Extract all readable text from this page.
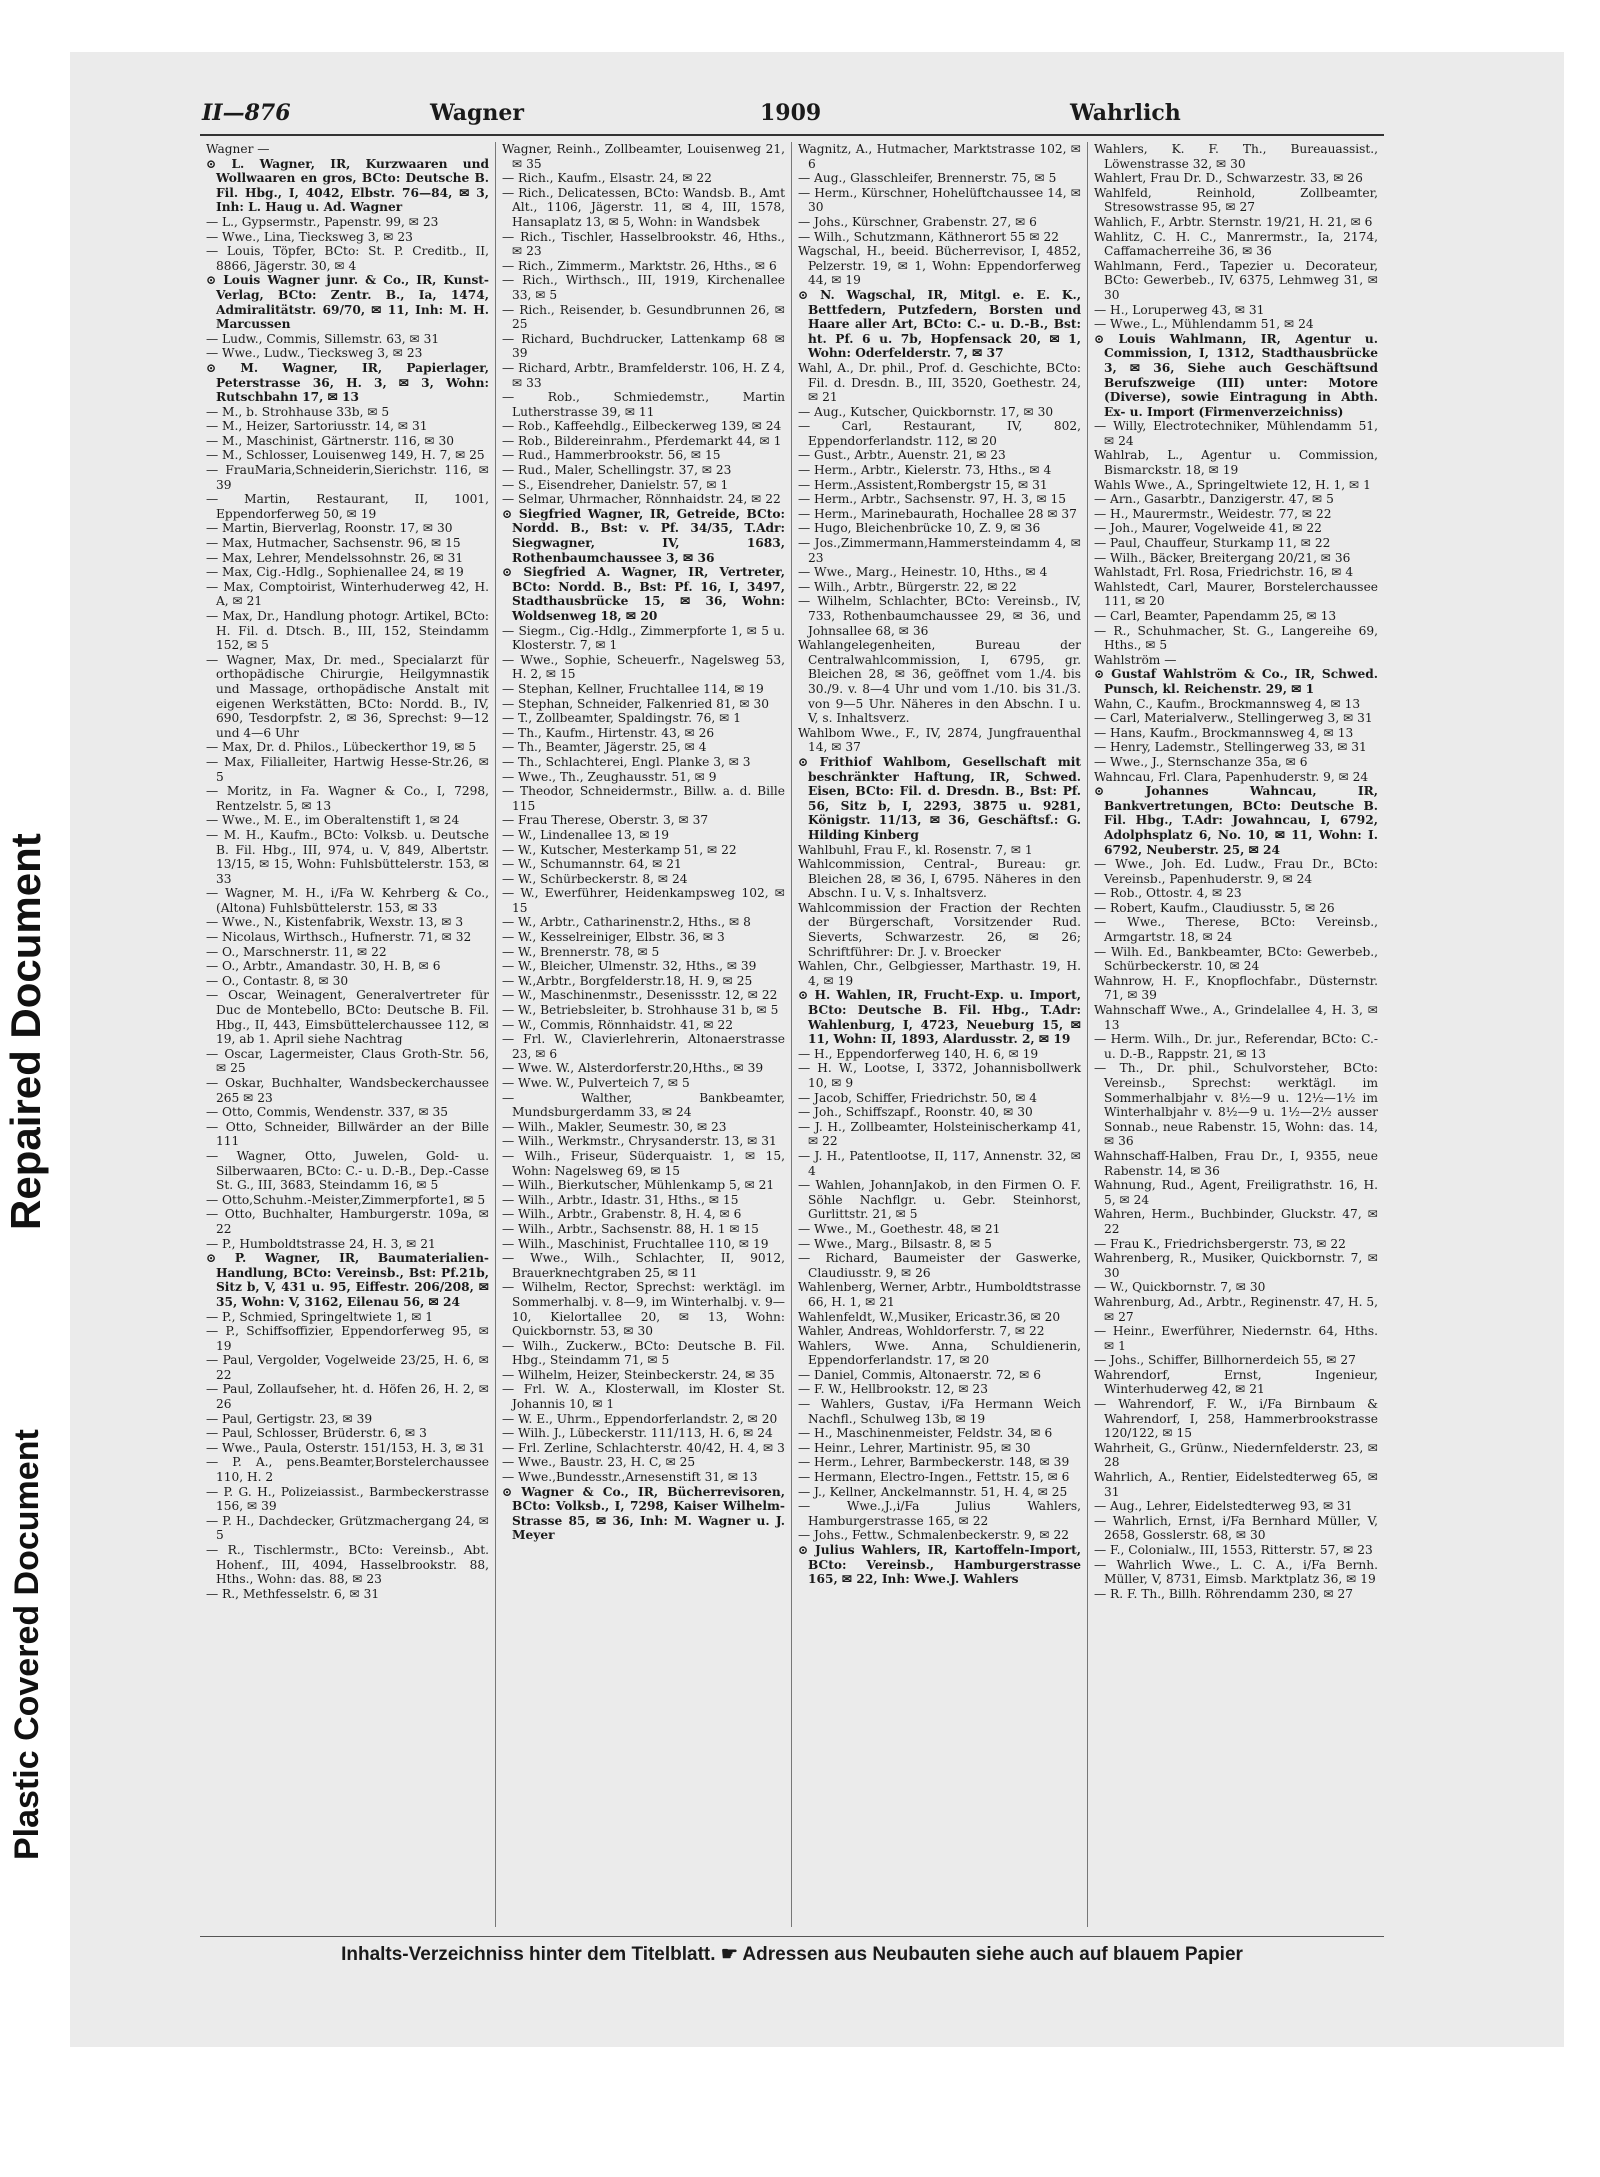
Repaired Document
Plastic Covered Document
II—876	Wagner	1909	Wahrlich

Wagner —

⊙ L. Wagner, IR, Kurzwaaren und Wollwaaren en gros, BCto: Deutsche B. Fil. Hbg., I, 4042, Elbstr. 76—84, ✉ 3, Inh: L. Haug u. Ad. Wagner

— L., Gypsermstr., Papenstr. 99, ✉ 23

— Wwe., Lina, Tiecksweg 3, ✉ 23

— Louis, Töpfer, BCto: St. P. Creditb., II, 8866, Jägerstr. 30, ✉ 4

⊙ Louis Wagner junr. & Co., IR, Kunst-Verlag, BCto: Zentr. B., Ia, 1474, Admiralitätstr. 69/70, ✉ 11, Inh: M. H. Marcussen

— Ludw., Commis, Sillemstr. 63, ✉ 31

— Wwe., Ludw., Tiecksweg 3, ✉ 23

⊙ M. Wagner, IR, Papierlager, Peterstrasse 36, H. 3, ✉ 3, Wohn: Rutschbahn 17, ✉ 13

— M., b. Strohhause 33b, ✉ 5

— M., Heizer, Sartoriusstr. 14, ✉ 31

— M., Maschinist, Gärtnerstr. 116, ✉ 30

— M., Schlosser, Louisenweg 149, H. 7, ✉ 25

— FrauMaria,Schneiderin,Sierichstr. 116, ✉ 39

— Martin, Restaurant, II, 1001, Eppendorferweg 50, ✉ 19

— Martin, Bierverlag, Roonstr. 17, ✉ 30

— Max, Hutmacher, Sachsenstr. 96, ✉ 15

— Max, Lehrer, Mendelssohnstr. 26, ✉ 31

— Max, Cig.-Hdlg., Sophienallee 24, ✉ 19

— Max, Comptoirist, Winterhuderweg 42, H. A, ✉ 21

— Max, Dr., Handlung photogr. Artikel, BCto: H. Fil. d. Dtsch. B., III, 152, Steindamm 152, ✉ 5

— Wagner, Max, Dr. med., Specialarzt für orthopädische Chirurgie, Heilgymnastik und Massage, orthopädische Anstalt mit eigenen Werkstätten, BCto: Nordd. B., IV, 690, Tesdorpfstr. 2, ✉ 36, Sprechst: 9—12 und 4—6 Uhr

— Max, Dr. d. Philos., Lübeckerthor 19, ✉ 5

— Max, Filialleiter, Hartwig Hesse-Str.26, ✉ 5

— Moritz, in Fa. Wagner & Co., I, 7298, Rentzelstr. 5, ✉ 13

— Wwe., M. E., im Oberaltenstift 1, ✉ 24

— M. H., Kaufm., BCto: Volksb. u. Deutsche B. Fil. Hbg., III, 974, u. V, 849, Albertstr. 13/15, ✉ 15, Wohn: Fuhlsbüttelerstr. 153, ✉ 33

— Wagner, M. H., i/Fa W. Kehrberg & Co., (Altona) Fuhlsbüttelerstr. 153, ✉ 33

— Wwe., N., Kistenfabrik, Wexstr. 13, ✉ 3

— Nicolaus, Wirthsch., Hufnerstr. 71, ✉ 32

— O., Marschnerstr. 11, ✉ 22

— O., Arbtr., Amandastr. 30, H. B, ✉ 6

— O., Contastr. 8, ✉ 30

— Oscar, Weinagent, Generalvertreter für Duc de Montebello, BCto: Deutsche B. Fil. Hbg., II, 443, Eimsbüttelerchaussee 112, ✉ 19, ab 1. April siehe Nachtrag

— Oscar, Lagermeister, Claus Groth-Str. 56, ✉ 25

— Oskar, Buchhalter, Wandsbeckerchaussee 265 ✉ 23

— Otto, Commis, Wendenstr. 337, ✉ 35

— Otto, Schneider, Billwärder an der Bille 111

— Wagner, Otto, Juwelen, Gold- u. Silberwaaren, BCto: C.- u. D.-B., Dep.-Casse St. G., III, 3683, Steindamm 16, ✉ 5

— Otto,Schuhm.-Meister,Zimmerpforte1, ✉ 5

— Otto, Buchhalter, Hamburgerstr. 109a, ✉ 22

— P., Humboldtstrasse 24, H. 3, ✉ 21

⊙ P. Wagner, IR, Baumaterialien-Handlung, BCto: Vereinsb., Bst: Pf.21b, Sitz b, V, 431 u. 95, Eiffestr. 206/208, ✉ 35, Wohn: V, 3162, Eilenau 56, ✉ 24

— P., Schmied, Springeltwiete 1, ✉ 1

— P., Schiffsoffizier, Eppendorferweg 95, ✉ 19

— Paul, Vergolder, Vogelweide 23/25, H. 6, ✉ 22

— Paul, Zollaufseher, ht. d. Höfen 26, H. 2, ✉ 26

— Paul, Gertigstr. 23, ✉ 39

— Paul, Schlosser, Brüderstr. 6, ✉ 3

— Wwe., Paula, Osterstr. 151/153, H. 3, ✉ 31

— P. A., pens.Beamter,Borstelerchaussee 110, H. 2

— P. G. H., Polizeiassist., Barmbeckerstrasse 156, ✉ 39

— P. H., Dachdecker, Grützmachergang 24, ✉ 5

— R., Tischlermstr., BCto: Vereinsb., Abt. Hohenf., III, 4094, Hasselbrookstr. 88, Hths., Wohn: das. 88, ✉ 23

— R., Methfesselstr. 6, ✉ 31

Wagner, Reinh., Zollbeamter, Louisenweg 21, ✉ 35

— Rich., Kaufm., Elsastr. 24, ✉ 22

— Rich., Delicatessen, BCto: Wandsb. B., Amt Alt., 1106, Jägerstr. 11, ✉ 4, III, 1578, Hansaplatz 13, ✉ 5, Wohn: in Wandsbek

— Rich., Tischler, Hasselbrookstr. 46, Hths., ✉ 23

— Rich., Zimmerm., Marktstr. 26, Hths., ✉ 6

— Rich., Wirthsch., III, 1919, Kirchenallee 33, ✉ 5

— Rich., Reisender, b. Gesundbrunnen 26, ✉ 25

— Richard, Buchdrucker, Lattenkamp 68 ✉ 39

— Richard, Arbtr., Bramfelderstr. 106, H. Z 4, ✉ 33

— Rob., Schmiedemstr., Martin Lutherstrasse 39, ✉ 11

— Rob., Kaffeehdlg., Eilbeckerweg 139, ✉ 24

— Rob., Bildereinrahm., Pferdemarkt 44, ✉ 1

— Rud., Hammerbrookstr. 56, ✉ 15

— Rud., Maler, Schellingstr. 37, ✉ 23

— S., Eisendreher, Danielstr. 57, ✉ 1

— Selmar, Uhrmacher, Rönnhaidstr. 24, ✉ 22

⊙ Siegfried Wagner, IR, Getreide, BCto: Nordd. B., Bst: v. Pf. 34/35, T.Adr: Siegwagner, IV, 1683, Rothenbaumchaussee 3, ✉ 36

⊙ Siegfried A. Wagner, IR, Vertreter, BCto: Nordd. B., Bst: Pf. 16, I, 3497, Stadthausbrücke 15, ✉ 36, Wohn: Woldsenweg 18, ✉ 20

— Siegm., Cig.-Hdlg., Zimmerpforte 1, ✉ 5 u. Klosterstr. 7, ✉ 1

— Wwe., Sophie, Scheuerfr., Nagelsweg 53, H. 2, ✉ 15

— Stephan, Kellner, Fruchtallee 114, ✉ 19

— Stephan, Schneider, Falkenried 81, ✉ 30

— T., Zollbeamter, Spaldingstr. 76, ✉ 1

— Th., Kaufm., Hirtenstr. 43, ✉ 26

— Th., Beamter, Jägerstr. 25, ✉ 4

— Th., Schlachterei, Engl. Planke 3, ✉ 3

— Wwe., Th., Zeughausstr. 51, ✉ 9

— Theodor, Schneidermstr., Billw. a. d. Bille 115

— Frau Therese, Oberstr. 3, ✉ 37

— W., Lindenallee 13, ✉ 19

— W., Kutscher, Mesterkamp 51, ✉ 22

— W., Schumannstr. 64, ✉ 21

— W., Schürbeckerstr. 8, ✉ 24

— W., Ewerführer, Heidenkampsweg 102, ✉ 15

— W., Arbtr., Catharinenstr.2, Hths., ✉ 8

— W., Kesselreiniger, Elbstr. 36, ✉ 3

— W., Brennerstr. 78, ✉ 5

— W., Bleicher, Ulmenstr. 32, Hths., ✉ 39

— W.,Arbtr., Borgfelderstr.18, H. 9, ✉ 25

— W., Maschinenmstr., Desenissstr. 12, ✉ 22

— W., Betriebsleiter, b. Strohhause 31 b, ✉ 5

— W., Commis, Rönnhaidstr. 41, ✉ 22

— Frl. W., Clavierlehrerin, Altonaerstrasse 23, ✉ 6

— Wwe. W., Alsterdorferstr.20,Hths., ✉ 39

— Wwe. W., Pulverteich 7, ✉ 5

— Walther, Bankbeamter, Mundsburgerdamm 33, ✉ 24

— Wilh., Makler, Seumestr. 30, ✉ 23

— Wilh., Werkmstr., Chrysanderstr. 13, ✉ 31

— Wilh., Friseur, Süderquaistr. 1, ✉ 15, Wohn: Nagelsweg 69, ✉ 15

— Wilh., Bierkutscher, Mühlenkamp 5, ✉ 21

— Wilh., Arbtr., Idastr. 31, Hths., ✉ 15

— Wilh., Arbtr., Grabenstr. 8, H. 4, ✉ 6

— Wilh., Arbtr., Sachsenstr. 88, H. 1 ✉ 15

— Wilh., Maschinist, Fruchtallee 110, ✉ 19

— Wwe., Wilh., Schlachter, II, 9012, Brauerknechtgraben 25, ✉ 11

— Wilhelm, Rector, Sprechst: werktägl. im Sommerhalbj. v. 8—9, im Winterhalbj. v. 9—10, Kielortallee 20, ✉ 13, Wohn: Quickbornstr. 53, ✉ 30

— Wilh., Zuckerw., BCto: Deutsche B. Fil. Hbg., Steindamm 71, ✉ 5

— Wilhelm, Heizer, Steinbeckerstr. 24, ✉ 35

— Frl. W. A., Klosterwall, im Kloster St. Johannis 10, ✉ 1

— W. E., Uhrm., Eppendorferlandstr. 2, ✉ 20

— Wilh. J., Lübeckerstr. 111/113, H. 6, ✉ 24

— Frl. Zerline, Schlachterstr. 40/42, H. 4, ✉ 3

— Wwe., Baustr. 23, H. C, ✉ 25

— Wwe.,Bundesstr.,Arnesenstift 31, ✉ 13

⊙ Wagner & Co., IR, Bücherrevisoren, BCto: Volksb., I, 7298, Kaiser Wilhelm-Strasse 85, ✉ 36, Inh: M. Wagner u. J. Meyer

Wagnitz, A., Hutmacher, Marktstrasse 102, ✉ 6

— Aug., Glasschleifer, Brennerstr. 75, ✉ 5

— Herm., Kürschner, Hohelüftchaussee 14, ✉ 30

— Johs., Kürschner, Grabenstr. 27, ✉ 6

— Wilh., Schutzmann, Käthnerort 55 ✉ 22

Wagschal, H., beeid. Bücherrevisor, I, 4852, Pelzerstr. 19, ✉ 1, Wohn: Eppendorferweg 44, ✉ 19

⊙ N. Wagschal, IR, Mitgl. e. E. K., Bettfedern, Putzfedern, Borsten und Haare aller Art, BCto: C.- u. D.-B., Bst: ht. Pf. 6 u. 7b, Hopfensack 20, ✉ 1, Wohn: Oderfelderstr. 7, ✉ 37

Wahl, A., Dr. phil., Prof. d. Geschichte, BCto: Fil. d. Dresdn. B., III, 3520, Goethestr. 24, ✉ 21

— Aug., Kutscher, Quickbornstr. 17, ✉ 30

— Carl, Restaurant, IV, 802, Eppendorferlandstr. 112, ✉ 20

— Gust., Arbtr., Auenstr. 21, ✉ 23

— Herm., Arbtr., Kielerstr. 73, Hths., ✉ 4

— Herm.,Assistent,Rombergstr 15, ✉ 31

— Herm., Arbtr., Sachsenstr. 97, H. 3, ✉ 15

— Herm., Marinebaurath, Hochallee 28 ✉ 37

— Hugo, Bleichenbrücke 10, Z. 9, ✉ 36

— Jos.,Zimmermann,Hammersteindamm 4, ✉ 23

— Wwe., Marg., Heinestr. 10, Hths., ✉ 4

— Wilh., Arbtr., Bürgerstr. 22, ✉ 22

— Wilhelm, Schlachter, BCto: Vereinsb., IV, 733, Rothenbaumchaussee 29, ✉ 36, und Johnsallee 68, ✉ 36

Wahlangelegenheiten, Bureau der Centralwahlcommission, I, 6795, gr. Bleichen 28, ✉ 36, geöffnet vom 1./4. bis 30./9. v. 8—4 Uhr und vom 1./10. bis 31./3. von 9—5 Uhr. Näheres in den Abschn. I u. V, s. Inhaltsverz.

Wahlbom Wwe., F., IV, 2874, Jungfrauenthal 14, ✉ 37

⊙ Frithiof Wahlbom, Gesellschaft mit beschränkter Haftung, IR, Schwed. Eisen, BCto: Fil. d. Dresdn. B., Bst: Pf. 56, Sitz b, I, 2293, 3875 u. 9281, Königstr. 11/13, ✉ 36, Geschäftsf.: G. Hilding Kinberg

Wahlbuhl, Frau F., kl. Rosenstr. 7, ✉ 1

Wahlcommission, Central-, Bureau: gr. Bleichen 28, ✉ 36, I, 6795. Näheres in den Abschn. I u. V, s. Inhaltsverz.

Wahlcommission der Fraction der Rechten der Bürgerschaft, Vorsitzender Rud. Sieverts, Schwarzestr. 26, ✉ 26; Schriftführer: Dr. J. v. Broecker

Wahlen, Chr., Gelbgiesser, Marthastr. 19, H. 4, ✉ 19

⊙ H. Wahlen, IR, Frucht-Exp. u. Import, BCto: Deutsche B. Fil. Hbg., T.Adr: Wahlenburg, I, 4723, Neueburg 15, ✉ 11, Wohn: II, 1893, Alardusstr. 2, ✉ 19

— H., Eppendorferweg 140, H. 6, ✉ 19

— H. W., Lootse, I, 3372, Johannisbollwerk 10, ✉ 9

— Jacob, Schiffer, Friedrichstr. 50, ✉ 4

— Joh., Schiffszapf., Roonstr. 40, ✉ 30

— J. H., Zollbeamter, Holsteinischerkamp 41, ✉ 22

— J. H., Patentlootse, II, 117, Annenstr. 32, ✉ 4

— Wahlen, JohannJakob, in den Firmen O. F. Söhle Nachflgr. u. Gebr. Steinhorst, Gurlittstr. 21, ✉ 5

— Wwe., M., Goethestr. 48, ✉ 21

— Wwe., Marg., Bilsastr. 8, ✉ 5

— Richard, Baumeister der Gaswerke, Claudiusstr. 9, ✉ 26

Wahlenberg, Werner, Arbtr., Humboldtstrasse 66, H. 1, ✉ 21

Wahlenfeldt, W.,Musiker, Ericastr.36, ✉ 20

Wahler, Andreas, Wohldorferstr. 7, ✉ 22

Wahlers, Wwe. Anna, Schuldienerin, Eppendorferlandstr. 17, ✉ 20

— Daniel, Commis, Altonaerstr. 72, ✉ 6

— F. W., Hellbrookstr. 12, ✉ 23

— Wahlers, Gustav, i/Fa Hermann Weich Nachfl., Schulweg 13b, ✉ 19

— H., Maschinenmeister, Feldstr. 34, ✉ 6

— Heinr., Lehrer, Martinistr. 95, ✉ 30

— Herm., Lehrer, Barmbeckerstr. 148, ✉ 39

— Hermann, Electro-Ingen., Fettstr. 15, ✉ 6

— J., Kellner, Anckelmannstr. 51, H. 4, ✉ 25

— Wwe.,J.,i/Fa Julius Wahlers, Hamburgerstrasse 165, ✉ 22

— Johs., Fettw., Schmalenbeckerstr. 9, ✉ 22

⊙ Julius Wahlers, IR, Kartoffeln-Import, BCto: Vereinsb., Hamburgerstrasse 165, ✉ 22, Inh: Wwe.J. Wahlers

Wahlers, K. F. Th., Bureauassist., Löwenstrasse 32, ✉ 30

Wahlert, Frau Dr. D., Schwarzestr. 33, ✉ 26

Wahlfeld, Reinhold, Zollbeamter, Stresowstrasse 95, ✉ 27

Wahlich, F., Arbtr. Sternstr. 19/21, H. 21, ✉ 6

Wahlitz, C. H. C., Manrermstr., Ia, 2174, Caffamacherreihe 36, ✉ 36

Wahlmann, Ferd., Tapezier u. Decorateur, BCto: Gewerbeb., IV, 6375, Lehmweg 31, ✉ 30

— H., Loruperweg 43, ✉ 31

— Wwe., L., Mühlendamm 51, ✉ 24

⊙ Louis Wahlmann, IR, Agentur u. Commission, I, 1312, Stadthausbrücke 3, ✉ 36, Siehe auch Geschäftsund Berufszweige (III) unter: Motore (Diverse), sowie Eintragung in Abth. Ex- u. Import (Firmenverzeichniss)

— Willy, Electrotechniker, Mühlendamm 51, ✉ 24

Wahlrab, L., Agentur u. Commission, Bismarckstr. 18, ✉ 19

Wahls Wwe., A., Springeltwiete 12, H. 1, ✉ 1

— Arn., Gasarbtr., Danzigerstr. 47, ✉ 5

— H., Maurermstr., Weidestr. 77, ✉ 22

— Joh., Maurer, Vogelweide 41, ✉ 22

— Paul, Chauffeur, Sturkamp 11, ✉ 22

— Wilh., Bäcker, Breitergang 20/21, ✉ 36

Wahlstadt, Frl. Rosa, Friedrichstr. 16, ✉ 4

Wahlstedt, Carl, Maurer, Borstelerchaussee 111, ✉ 20

— Carl, Beamter, Papendamm 25, ✉ 13

— R., Schuhmacher, St. G., Langereihe 69, Hths., ✉ 5

Wahlström —

⊙ Gustaf Wahlström & Co., IR, Schwed. Punsch, kl. Reichenstr. 29, ✉ 1

Wahn, C., Kaufm., Brockmannsweg 4, ✉ 13

— Carl, Materialverw., Stellingerweg 3, ✉ 31

— Hans, Kaufm., Brockmannsweg 4, ✉ 13

— Henry, Lademstr., Stellingerweg 33, ✉ 31

— Wwe., J., Sternschanze 35a, ✉ 6

Wahncau, Frl. Clara, Papenhuderstr. 9, ✉ 24

⊙ Johannes Wahncau, IR, Bankvertretungen, BCto: Deutsche B. Fil. Hbg., T.Adr: Jowahncau, I, 6792, Adolphsplatz 6, No. 10, ✉ 11, Wohn: I. 6792, Neuberstr. 25, ✉ 24

— Wwe., Joh. Ed. Ludw., Frau Dr., BCto: Vereinsb., Papenhuderstr. 9, ✉ 24

— Rob., Ottostr. 4, ✉ 23

— Robert, Kaufm., Claudiusstr. 5, ✉ 26

— Wwe., Therese, BCto: Vereinsb., Armgartstr. 18, ✉ 24

— Wilh. Ed., Bankbeamter, BCto: Gewerbeb., Schürbeckerstr. 10, ✉ 24

Wahnrow, H. F., Knopflochfabr., Düsternstr. 71, ✉ 39

Wahnschaff Wwe., A., Grindelallee 4, H. 3, ✉ 13

— Herm. Wilh., Dr. jur., Referendar, BCto: C.- u. D.-B., Rappstr. 21, ✉ 13

— Th., Dr. phil., Schulvorsteher, BCto: Vereinsb., Sprechst: werktägl. im Sommerhalbjahr v. 8½—9 u. 12½—1½ im Winterhalbjahr v. 8½—9 u. 1½—2½ ausser Sonnab., neue Rabenstr. 15, Wohn: das. 14, ✉ 36

Wahnschaff-Halben, Frau Dr., I, 9355, neue Rabenstr. 14, ✉ 36

Wahnung, Rud., Agent, Freiligrathstr. 16, H. 5, ✉ 24

Wahren, Herm., Buchbinder, Gluckstr. 47, ✉ 22

— Frau K., Friedrichsbergerstr. 73, ✉ 22

Wahrenberg, R., Musiker, Quickbornstr. 7, ✉ 30

— W., Quickbornstr. 7, ✉ 30

Wahrenburg, Ad., Arbtr., Reginenstr. 47, H. 5, ✉ 27

— Heinr., Ewerführer, Niedernstr. 64, Hths. ✉ 1

— Johs., Schiffer, Billhornerdeich 55, ✉ 27

Wahrendorf, Ernst, Ingenieur, Winterhuderweg 42, ✉ 21

— Wahrendorf, F. W., i/Fa Birnbaum & Wahrendorf, I, 258, Hammerbrookstrasse 120/122, ✉ 15

Wahrheit, G., Grünw., Niedernfelderstr. 23, ✉ 28

Wahrlich, A., Rentier, Eidelstedterweg 65, ✉ 31

— Aug., Lehrer, Eidelstedterweg 93, ✉ 31

— Wahrlich, Ernst, i/Fa Bernhard Müller, V, 2658, Gosslerstr. 68, ✉ 30

— F., Colonialw., III, 1553, Ritterstr. 57, ✉ 23

— Wahrlich Wwe., L. C. A., i/Fa Bernh. Müller, V, 8731, Eimsb. Marktplatz 36, ✉ 19

— R. F. Th., Billh. Röhrendamm 230, ✉ 27

Inhalts-Verzeichniss hinter dem Titelblatt. ☛ Adressen aus Neubauten siehe auch auf blauem Papier
